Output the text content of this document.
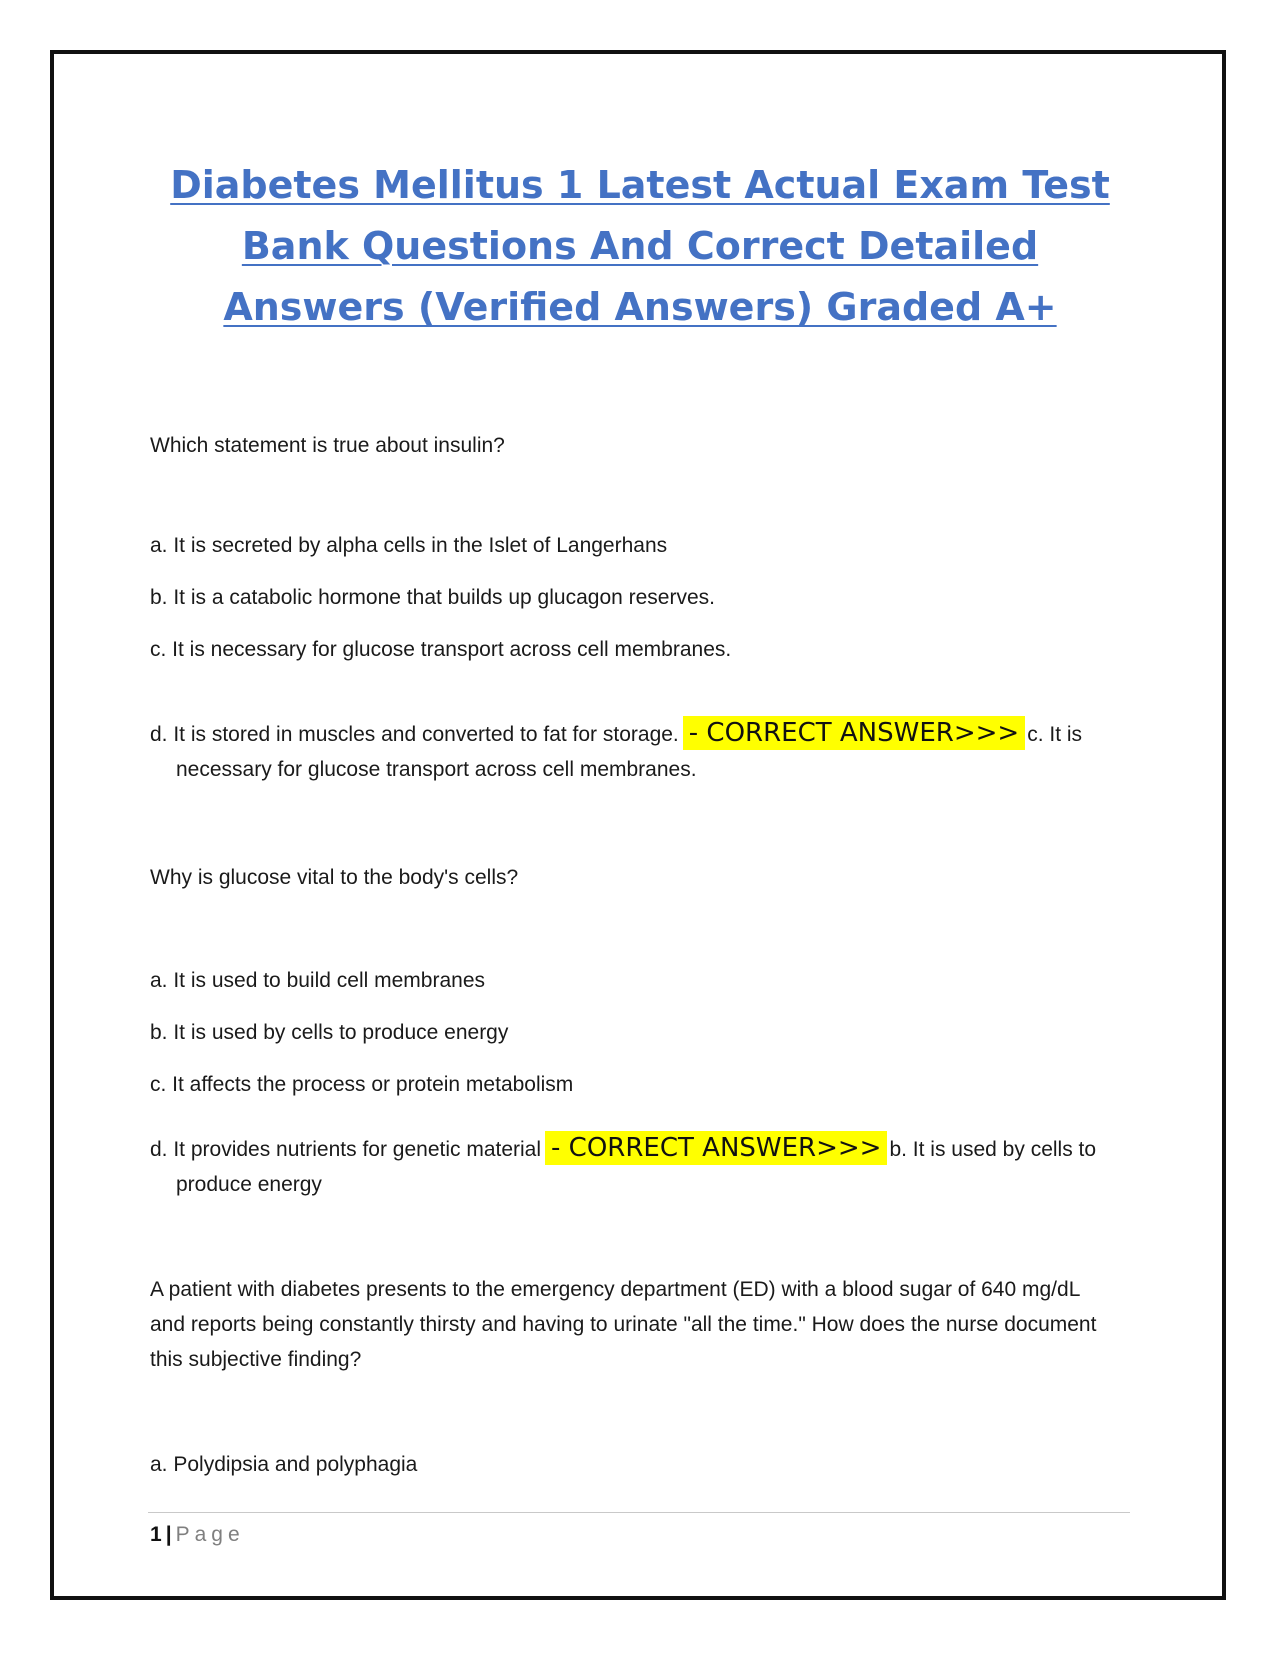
Diabetes Mellitus 1 Latest Actual Exam Test Bank Questions And Correct Detailed Answers (Verified Answers) Graded A+
Which statement is true about insulin?
a. It is secreted by alpha cells in the Islet of Langerhans
b. It is a catabolic hormone that builds up glucagon reserves.
c. It is necessary for glucose transport across cell membranes.
d. It is stored in muscles and converted to fat for storage. - CORRECT ANSWER>>> c. It is necessary for glucose transport across cell membranes.
Why is glucose vital to the body's cells?
a. It is used to build cell membranes
b. It is used by cells to produce energy
c. It affects the process or protein metabolism
d. It provides nutrients for genetic material - CORRECT ANSWER>>> b. It is used by cells to produce energy
A patient with diabetes presents to the emergency department (ED) with a blood sugar of 640 mg/dL and reports being constantly thirsty and having to urinate "all the time." How does the nurse document this subjective finding?
a. Polydipsia and polyphagia
1 | Page
